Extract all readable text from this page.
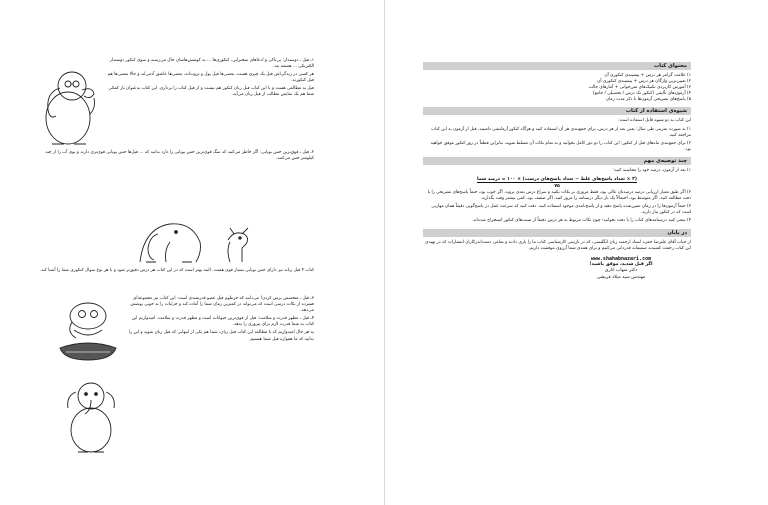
۱ـ فیل ـ دوستدار: بی‌باکی و ادعاهای سخنرانی، کنکوری‌ها ... به کوشش‌هاشان حال می‌رسند و سوی کنکور دوستدار الکتریکی ... همشه بند.

هر کسی در زندگی‌اش فیل یک چیزی هست، بعضی‌ها فیل پول و ثروت‌اند، بعضی‌ها عاشق آدمی‌اند و حالا بعضی‌ها هم فیل کنکورند.

فیل به مطالعی هست و با این کتاب فیل زبان کنکور هم نیست و از فیل کتاب را برداری. این کتاب به‌عنوان یار کمکی شما هم یک نمایش مطالب از فیل زبان می‌آید.

۲ـ فیل ـ فوق‌ترین حس بویایی: اگر خاطر می‌کنید که سگ قوی‌ترین حس بویایی را دارد بدانید که ... فیل‌ها حس بویایی قوی‌تری دارند و بوی آب را از چند کیلومتر حس می‌کنند.

کتاب ۴ فیل زبانه نیز دارای حس بویایی بسیار قوی هست. البته بهتر است که در این کتاب هر درس دقیق‌تر شود و با هر نوع سوال کنکوری شما را آشنا کند.

۳ـ فیل ـ متخصص پرس کردن! می‌دانید که خرطوم فیل عضو قدرتمندی است. این کتاب نیز مجموعه‌ای فشرده از نکات درسی است که می‌تواند در کمترین زمان شما را آماده کند و جزئیات را به خوبی پوشش می‌دهد.

۴ـ فیل ـ مظهر قدرت و سلامت: فیل از قوی‌ترین حیوانات است و مظهر قدرت و سلامت. امیدواریم این کتاب به شما قدرت لازم برای پیروزی را بدهد.

به هر حال امیدواریم که با مطالعه این کتاب فیل زبان، شما هم یکی از اینهایی که فیل زبان شوید و این را بدانید که ما همواره فیل شما هستیم.

محتوای کتاب

۱) علامت گرامر هر درس + پیشینه‌ی کنکوری آن

۲) تعیین‌ترین واژگان هر درس + پیشینه‌ی کنکوری آن

۳) آموزش کاربردی تکنیک‌های متن‌خوانی + آمارهای جالب

۴) آزمون‌های تألیفی (کنکور تک درس / تحصیلی / جامع)

۵) پاسخ‌های تشریحی آزمون‌ها با ذکر مدت زمان

شیوه‌ی استفاده از کتاب

این کتاب به دو شیوه قابل استفاده است:

۱) به صورت تمرینی طی سال: یعنی بعد از هر درس، برای جمع‌بندی هر آن استفاده کنید و هرگاه کنکور آزمایشی داشتید، قبل از آزمون به این کتاب مراجعه کنید.

۲) برای جمع‌بندی ماه‌های قبل از کنکور: این کتاب را دو دور کامل بخوانید و به تمام نکات آن مسلط شوید، بنابراین قطعاً در روز کنکور موفق خواهید بود.

چند توصیه‌ی مهم

۱) بعد از آزمون، درصد خود را محاسبه کنید:

(۳ × تعداد پاسخ‌های غلط − تعداد پاسخ‌های درست) × ۱۰۰ = درصد شما
۷۵

۲) اگر طبق معیار ارزیابی درصد درصدتان عالی بود، فقط مروری بر نکات بکنید و سراغ درس بعدی بروید. اگر خوب بود، حتماً پاسخ‌های تشریحی را با دقت مطالعه کنید. اگر متوسط بود، احتمالاً یک بار دیگر درسنامه را مرور کنید. اگر ضعیف بود، کمی بیشتر وقت بگذارید.

۳) حتماً آزمون‌ها را در زمان تعیین‌شده پاسخ دهید و از پاسخ‌نامه‌ی موجود استفاده کنید. دقت کنید که سرعت عمل در پاسخ‌گویی دقیقاً همان مهارتی است که در کنکور نیاز دارید.

۴) سعی کنید درسنامه‌های کتاب را با دقت بخوانید؛ چون نکات مربوط به هر درس دقیقاً از تست‌های کنکور استخراج شده‌اند.

در پایان

از جناب آقای علیرضا حمزه استاد ارجمند زبان انگلیسی، که در بازبینی کارشناسی کتاب ما را یاری دادند و تمامی دست‌اندرکاران انتشارات که در تهیه‌ی این کتاب زحمت کشیدند صمیمانه قدردانی می‌کنیم و برای همه‌ی شما آرزوی موفقیت داریم.

www.shahabnazari.com
اگر فیل شدید، موفق باشید!
دکتر شهاب اناری
مهندس سید میلاد قریشی
